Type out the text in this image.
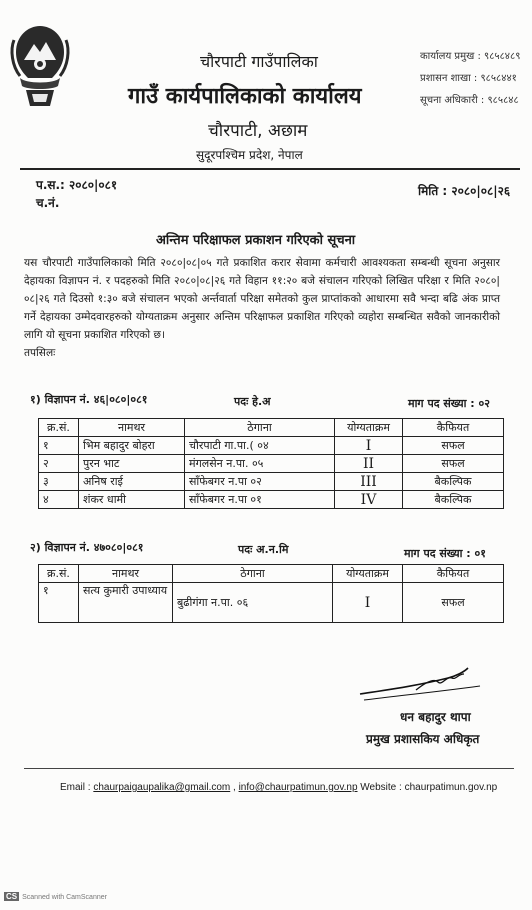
चौरपाटी गाउँपालिका
गाउँ कार्यपालिकाको कार्यालय
चौरपाटी, अछाम
सुदूरपश्चिम प्रदेश, नेपाल
कार्यालय प्रमुख : ९८५८४८९
प्रशासन शाखा : ९८५८४४१
सूचना अधिकारी : ९८५८४८
प.स.: २०८०|०८१
च.नं.
मिति : २०८०|०८|२६
अन्तिम परिक्षाफल प्रकाशन गरिएको सूचना
यस चौरपाटी गाउँपालिकाको मिति २०८०|०८|०५ गते प्रकाशित करार सेवामा कर्मचारी आवश्यकता सम्बन्धी सूचना अनुसार देहायका विज्ञापन नं. र पदहरुको मिति २०८०|०८|२६ गते विहान ११:२० बजे संचालन गरिएको लिखित परिक्षा र मिति २०८०|०८|२६ गते दिउसो १:३० बजे संचालन भएको अर्न्तवार्ता परिक्षा समेतको कुल प्राप्तांकको आधारमा सवै भन्दा बढि अंक प्राप्त गर्ने देहायका उम्मेदवारहरुको योग्यताक्रम अनुसार अन्तिम परिक्षाफल प्रकाशित गरिएको व्यहोरा सम्बन्धित सवैको जानकारीको लागि यो सूचना प्रकाशित गरिएको छ।
तपसिलः
१) विज्ञापन नं. ४६|०८०|०८१	पदः हे.अ	माग पद संख्या : ०२
क्र.सं.	नामथर	ठेगाना	योग्यताक्रम	कैफियत
१	भिम बहादुर बोहरा	चौरपाटी गा.पा.( ०४	I	सफल
२	पुरन भाट	मंगलसेन न.पा. ०५	II	सफल
३	अनिष राई	साँफेबगर न.पा ०२	III	बैकल्पिक
४	शंकर धामी	साँफेबगर न.पा ०१	IV	बैकल्पिक
२) विज्ञापन नं. ४७०८०|०८१	पदः अ.न.मि	माग पद संख्या : ०१
क्र.सं.	नामथर	ठेगाना	योग्यताक्रम	कैफियत
१	सत्य कुमारी उपाध्याय	बुढीगंगा न.पा. ०६	I	सफल
धन बहादुर थापा
प्रमुख प्रशासकिय अधिकृत
Email : chaurpaigaupalika@gmail.com , info@chaurpatimun.gov.np Website : chaurpatimun.gov.np
CS Scanned with CamScanner
